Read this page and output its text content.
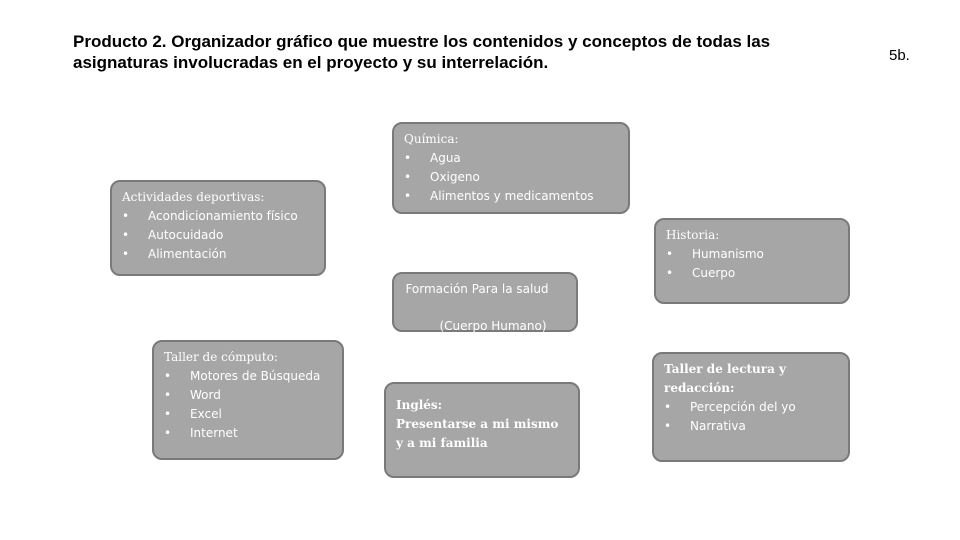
Producto 2. Organizador gráfico que muestre los contenidos y conceptos de todas las asignaturas involucradas en el proyecto y su interrelación.	5b.
Actividades deportivas:
• Acondicionamiento físico
• Autocuidado
• Alimentación
Química:
• Agua
• Oxigeno
• Alimentos y medicamentos
Historia:
• Humanismo
• Cuerpo
Formación Para la salud
(Cuerpo Humano)
Taller de cómputo:
• Motores de Búsqueda
• Word
• Excel
• Internet
Inglés:
Presentarse a mi mismo y a mi familia
Taller de lectura y redacción:
• Percepción del yo
• Narrativa
